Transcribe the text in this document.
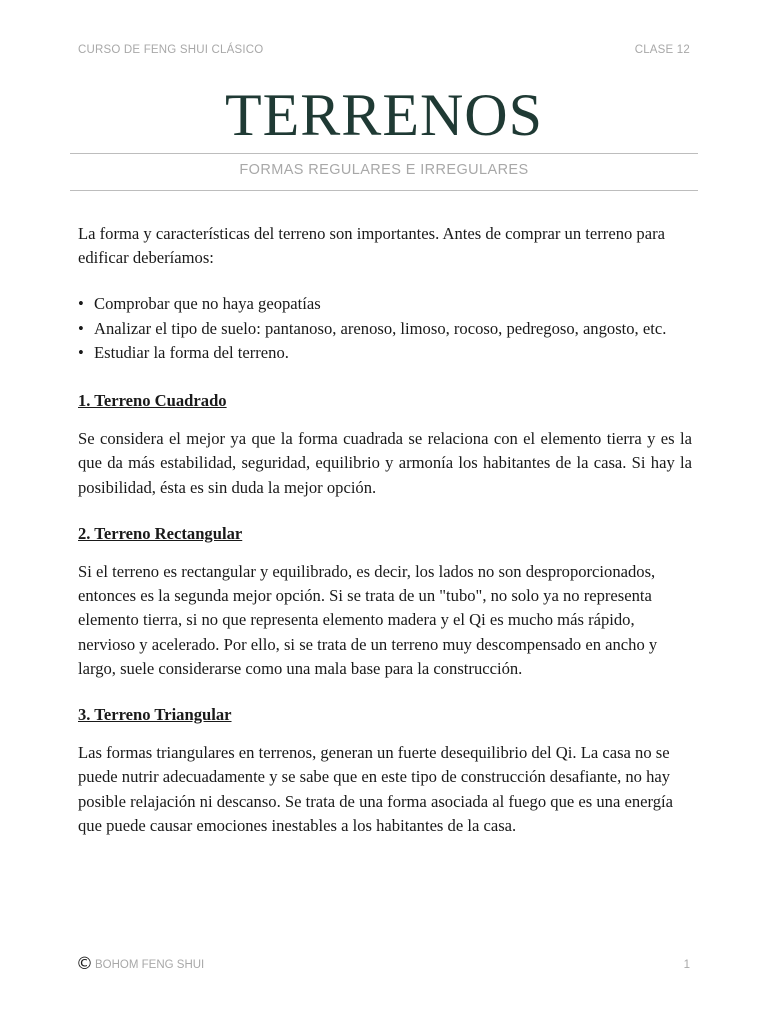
CURSO DE FENG SHUI CLÁSICO	CLASE 12
TERRENOS
FORMAS REGULARES E IRREGULARES

La forma y características del terreno son importantes. Antes de comprar un terreno para edificar deberíamos:

• Comprobar que no haya geopatías
• Analizar el tipo de suelo: pantanoso, arenoso, limoso, rocoso, pedregoso, angosto, etc.
• Estudiar la forma del terreno.
1. Terreno Cuadrado

Se considera el mejor ya que la forma cuadrada se relaciona con el elemento tierra y es la que da más estabilidad, seguridad, equilibrio y armonía los habitantes de la casa. Si hay la posibilidad, ésta es sin duda la mejor opción.

2. Terreno Rectangular

Si el terreno es rectangular y equilibrado, es decir, los lados no son desproporcionados, entonces es la segunda mejor opción. Si se trata de un "tubo", no solo ya no representa elemento tierra, si no que representa elemento madera y el Qi es mucho más rápido, nervioso y acelerado. Por ello, si se trata de un terreno muy descompensado en ancho y largo, suele considerarse como una mala base para la construcción.

3. Terreno Triangular

Las formas triangulares en terrenos, generan un fuerte desequilibrio del Qi. La casa no se puede nutrir adecuadamente y se sabe que en este tipo de construcción desafiante, no hay posible relajación ni descanso. Se trata de una forma asociada al fuego que es una energía que puede causar emociones inestables a los habitantes de la casa.

© BOHOM FENG SHUI	1
